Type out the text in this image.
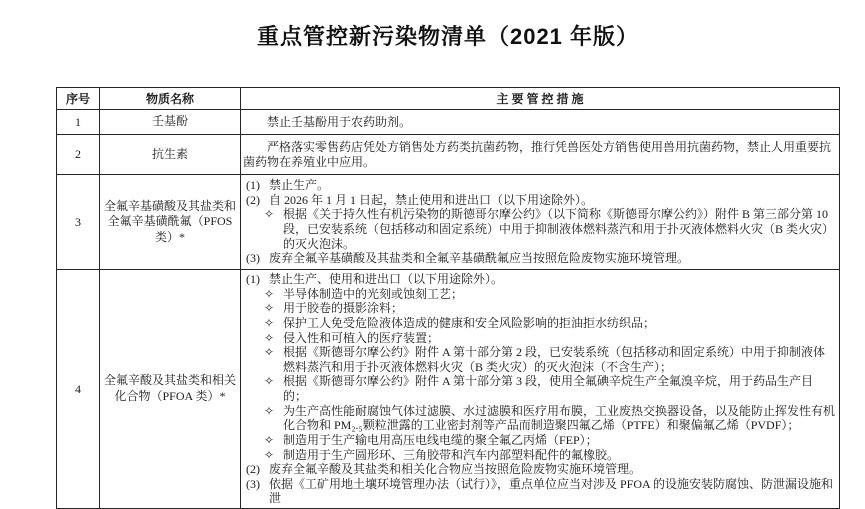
重点管控新污染物清单（2021 年版）
序号	物质名称	主 要 管 控 措 施
1	壬基酚	禁止壬基酚用于农药助剂。

2	抗生素	严格落实零售药店凭处方销售处方药类抗菌药物，推行凭兽医处方销售使用兽用抗菌药物，禁止人用重要抗菌药物在养殖业中应用。

3	全氟辛基磺酸及其盐类和全氟辛基磺酰氟（PFOS 类）*	
(1) 禁止生产。
(2) 自 2026 年 1 月 1 日起，禁止使用和进出口（以下用途除外）。
✧ 根据《关于持久性有机污染物的斯德哥尔摩公约》（以下简称《斯德哥尔摩公约》）附件 B 第三部分第 10 段，已安装系统（包括移动和固定系统）中用于抑制液体燃料蒸汽和用于扑灭液体燃料火灾（B 类火灾）的灭火泡沫。
(3) 废弃全氟辛基磺酸及其盐类和全氟辛基磺酰氟应当按照危险废物实施环境管理。

4	全氟辛酸及其盐类和相关化合物（PFOA 类）*	
(1) 禁止生产、使用和进出口（以下用途除外）。
✧ 半导体制造中的光刻或蚀刻工艺；
✧ 用于胶卷的摄影涂料；
✧ 保护工人免受危险液体造成的健康和安全风险影响的拒油拒水纺织品；
✧ 侵入性和可植入的医疗装置；
✧ 根据《斯德哥尔摩公约》附件 A 第十部分第 2 段，已安装系统（包括移动和固定系统）中用于抑制液体燃料蒸汽和用于扑灭液体燃料火灾（B 类火灾）的灭火泡沫（不含生产）；
✧ 根据《斯德哥尔摩公约》附件 A 第十部分第 3 段，使用全氟碘辛烷生产全氟溴辛烷，用于药品生产目的；
✧ 为生产高性能耐腐蚀气体过滤膜、水过滤膜和医疗用布膜，工业废热交换器设备，以及能防止挥发性有机化合物和 PM₂.₅颗粒泄露的工业密封剂等产品而制造聚四氟乙烯（PTFE）和聚偏氟乙烯（PVDF）；
✧ 制造用于生产输电用高压电线电缆的聚全氟乙丙烯（FEP）；
✧ 制造用于生产圆形环、三角胶带和汽车内部塑料配件的氟橡胶。
(2) 废弃全氟辛酸及其盐类和相关化合物应当按照危险废物实施环境管理。
(3) 依据《工矿用地土壤环境管理办法（试行）》，重点单位应当对涉及 PFOA 的设施安装防腐蚀、防泄漏设施和泄
